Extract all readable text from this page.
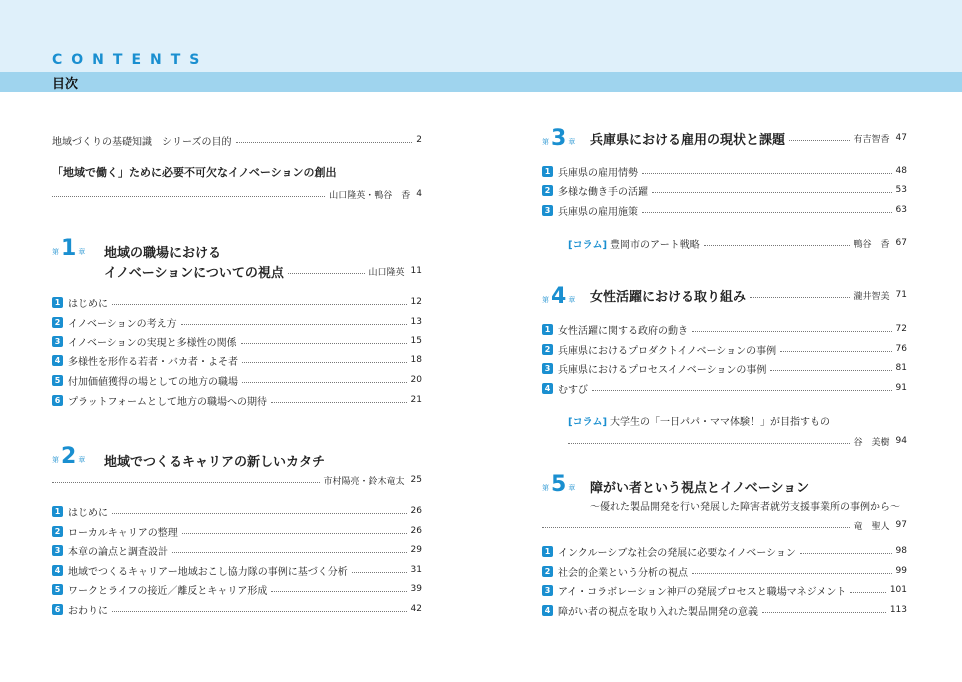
CONTENTS
目次
地域づくりの基礎知識　シリーズの目的	2
「地域で働く」ために必要不可欠なイノベーションの創出
山口隆英・鴨谷　香 4
第 1 章 地域の職場における
イノベーションについての視点	山口隆英 11
1 はじめに	12
2 イノベーションの考え方	13
3 イノベーションの実現と多様性の関係	15
4 多様性を形作る若者・バカ者・よそ者	18
5 付加価値獲得の場としての地方の職場	20
6 プラットフォームとして地方の職場への期待	21
第 2 章 地域でつくるキャリアの新しいカタチ
市村陽亮・鈴木竜太 25
1 はじめに	26
2 ローカルキャリアの整理	26
3 本章の論点と調査設計	29
4 地域でつくるキャリアー地域おこし協力隊の事例に基づく分析	31
5 ワークとライフの接近／離反とキャリア形成	39
6 おわりに	42
第 3 章 兵庫県における雇用の現状と課題	有吉智香 47
1 兵庫県の雇用情勢	48
2 多様な働き手の活躍	53
3 兵庫県の雇用施策	63
[コラム] 豊岡市のアート戦略	鴨谷　香 67
第 4 章 女性活躍における取り組み	瀧井智美 71
1 女性活躍に関する政府の動き	72
2 兵庫県におけるプロダクトイノベーションの事例	76
3 兵庫県におけるプロセスイノベーションの事例	81
4 むすび	91
[コラム] 大学生の「一日パパ・ママ体験！」が目指すもの
谷　美樹 94
第 5 章 障がい者という視点とイノベーション
～優れた製品開発を行い発展した障害者就労支援事業所の事例から～
竜　聖人 97
1 インクルーシブな社会の発展に必要なイノベーション	98
2 社会的企業という分析の視点	99
3 アイ・コラボレーション神戸の発展プロセスと職場マネジメント	101
4 障がい者の視点を取り入れた製品開発の意義	113
